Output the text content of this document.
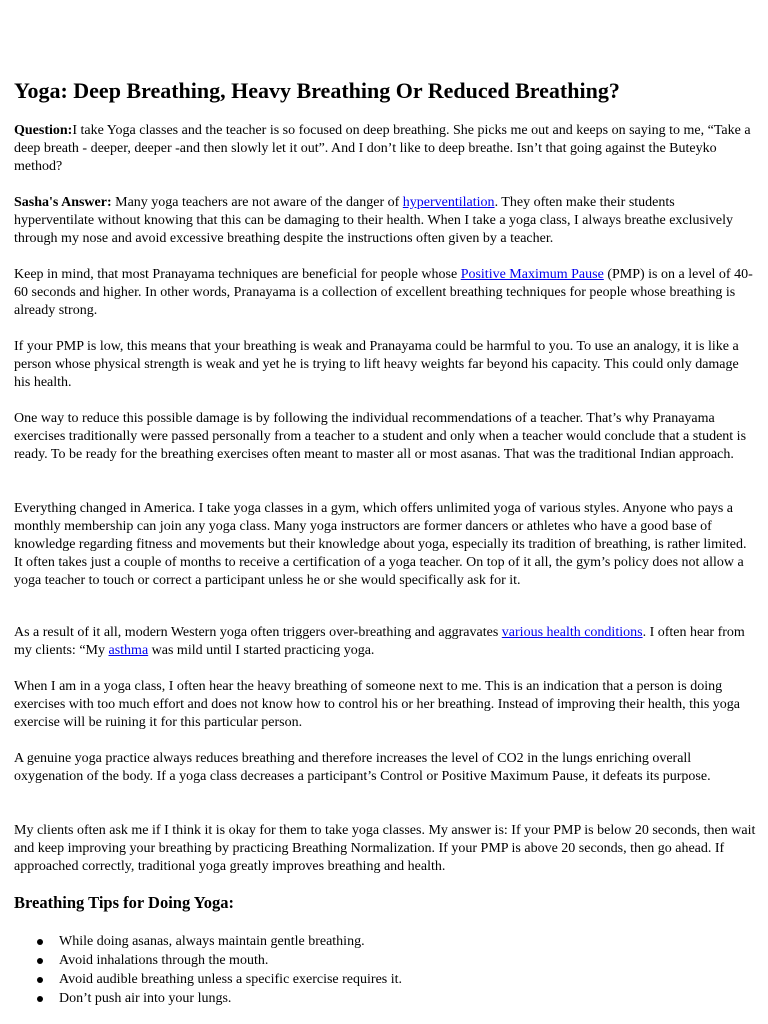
Yoga: Deep Breathing, Heavy Breathing Or Reduced Breathing?

Question:I take Yoga classes and the teacher is so focused on deep breathing. She picks me out and keeps on saying to me, “Take a deep breath - deeper, deeper -and then slowly let it out”. And I don’t like to deep breathe. Isn’t that going against the Buteyko method?

Sasha's Answer: Many yoga teachers are not aware of the danger of hyperventilation. They often make their students hyperventilate without knowing that this can be damaging to their health. When I take a yoga class, I always breathe exclusively through my nose and avoid excessive breathing despite the instructions often given by a teacher.

Keep in mind, that most Pranayama techniques are beneficial for people whose Positive Maximum Pause (PMP) is on a level of 40-60 seconds and higher. In other words, Pranayama is a collection of excellent breathing techniques for people whose breathing is already strong.

If your PMP is low, this means that your breathing is weak and Pranayama could be harmful to you. To use an analogy, it is like a person whose physical strength is weak and yet he is trying to lift heavy weights far beyond his capacity. This could only damage his health.

One way to reduce this possible damage is by following the individual recommendations of a teacher. That’s why Pranayama exercises traditionally were passed personally from a teacher to a student and only when a teacher would conclude that a student is ready. To be ready for the breathing exercises often meant to master all or most asanas. That was the traditional Indian approach.

Everything changed in America. I take yoga classes in a gym, which offers unlimited yoga of various styles. Anyone who pays a monthly membership can join any yoga class. Many yoga instructors are former dancers or athletes who have a good base of knowledge regarding fitness and movements but their knowledge about yoga, especially its tradition of breathing, is rather limited. It often takes just a couple of months to receive a certification of a yoga teacher. On top of it all, the gym’s policy does not allow a yoga teacher to touch or correct a participant unless he or she would specifically ask for it.

As a result of it all, modern Western yoga often triggers over-breathing and aggravates various health conditions. I often hear from my clients: “My asthma was mild until I started practicing yoga.

When I am in a yoga class, I often hear the heavy breathing of someone next to me. This is an indication that a person is doing exercises with too much effort and does not know how to control his or her breathing. Instead of improving their health, this yoga exercise will be ruining it for this particular person.

A genuine yoga practice always reduces breathing and therefore increases the level of CO2 in the lungs enriching overall oxygenation of the body. If a yoga class decreases a participant’s Control or Positive Maximum Pause, it defeats its purpose.

My clients often ask me if I think it is okay for them to take yoga classes. My answer is: If your PMP is below 20 seconds, then wait and keep improving your breathing by practicing Breathing Normalization. If your PMP is above 20 seconds, then go ahead. If approached correctly, traditional yoga greatly improves breathing and health.

Breathing Tips for Doing Yoga:
While doing asanas, always maintain gentle breathing.
Avoid inhalations through the mouth.
Avoid audible breathing unless a specific exercise requires it.
Don’t push air into your lungs.
